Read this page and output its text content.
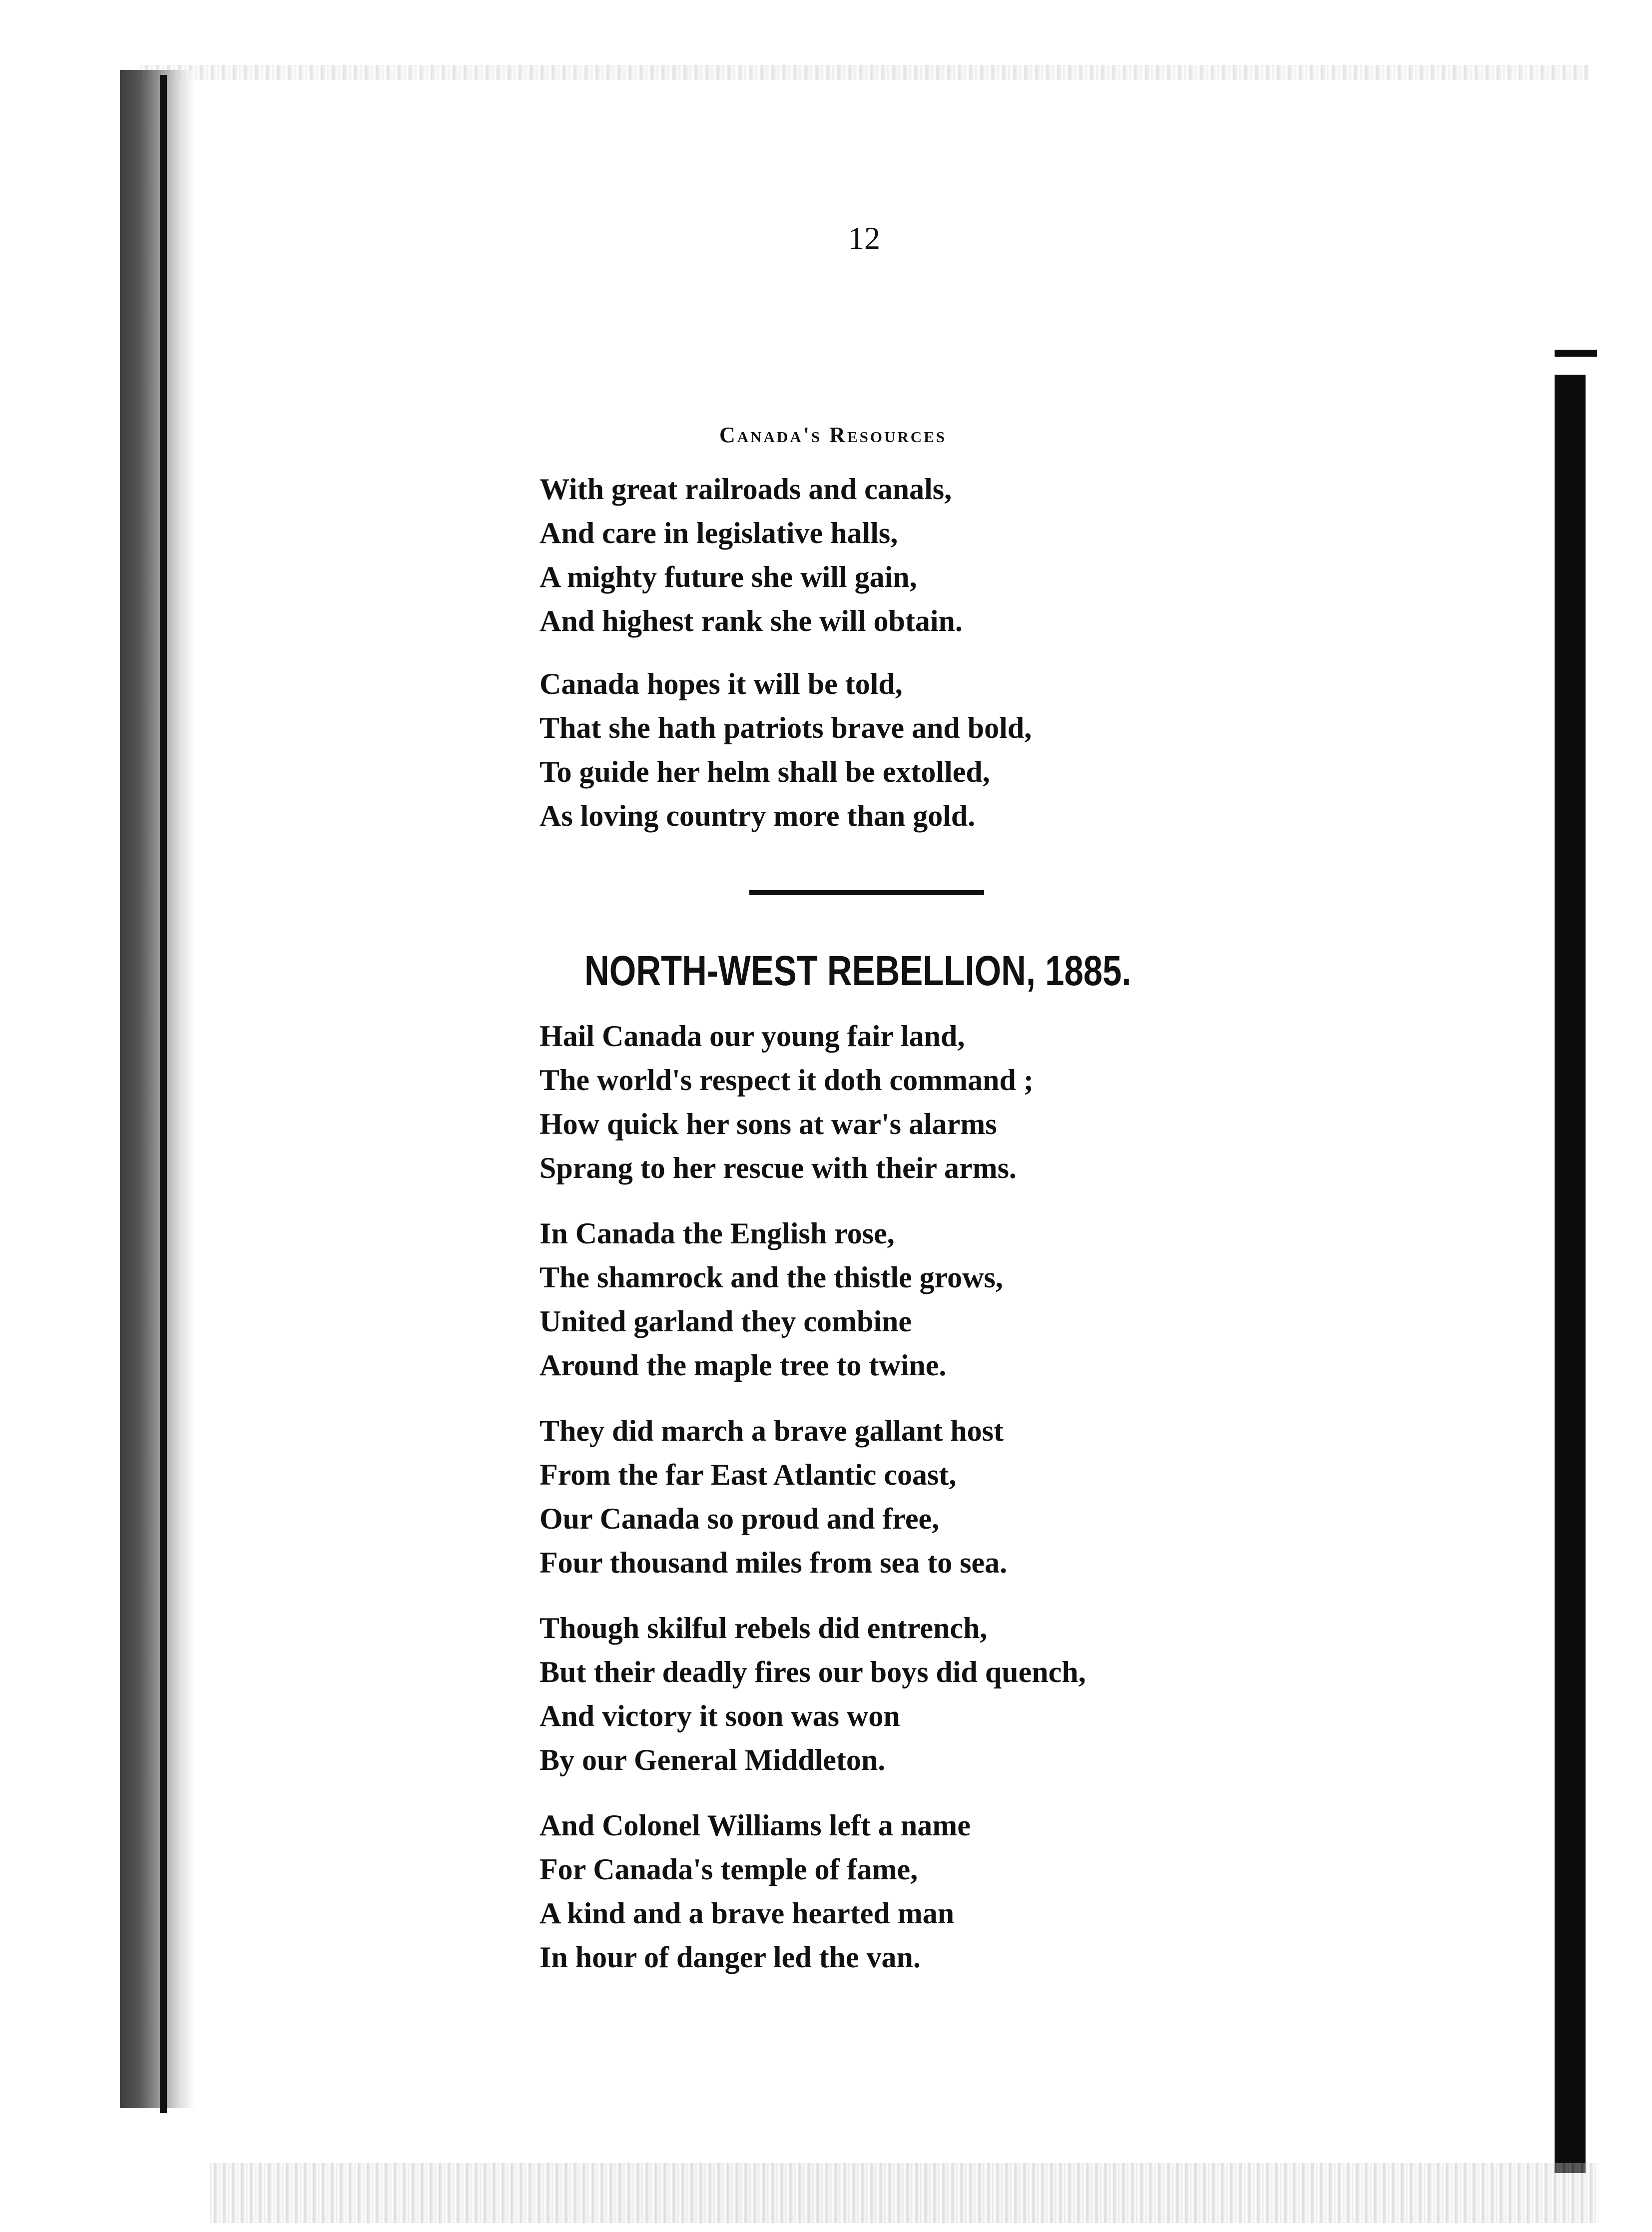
12
Canada's Resources
With great railroads and canals,
And care in legislative halls,
A mighty future she will gain,
And highest rank she will obtain.
Canada hopes it will be told,
That she hath patriots brave and bold,
To guide her helm shall be extolled,
As loving country more than gold.
NORTH-WEST REBELLION, 1885.
Hail Canada our young fair land,
The world's respect it doth command ;
How quick her sons at war's alarms
Sprang to her rescue with their arms.
In Canada the English rose,
The shamrock and the thistle grows,
United garland they combine
Around the maple tree to twine.
They did march a brave gallant host
From the far East Atlantic coast,
Our Canada so proud and free,
Four thousand miles from sea to sea.
Though skilful rebels did entrench,
But their deadly fires our boys did quench,
And victory it soon was won
By our General Middleton.
And Colonel Williams left a name
For Canada's temple of fame,
A kind and a brave hearted man
In hour of danger led the van.
